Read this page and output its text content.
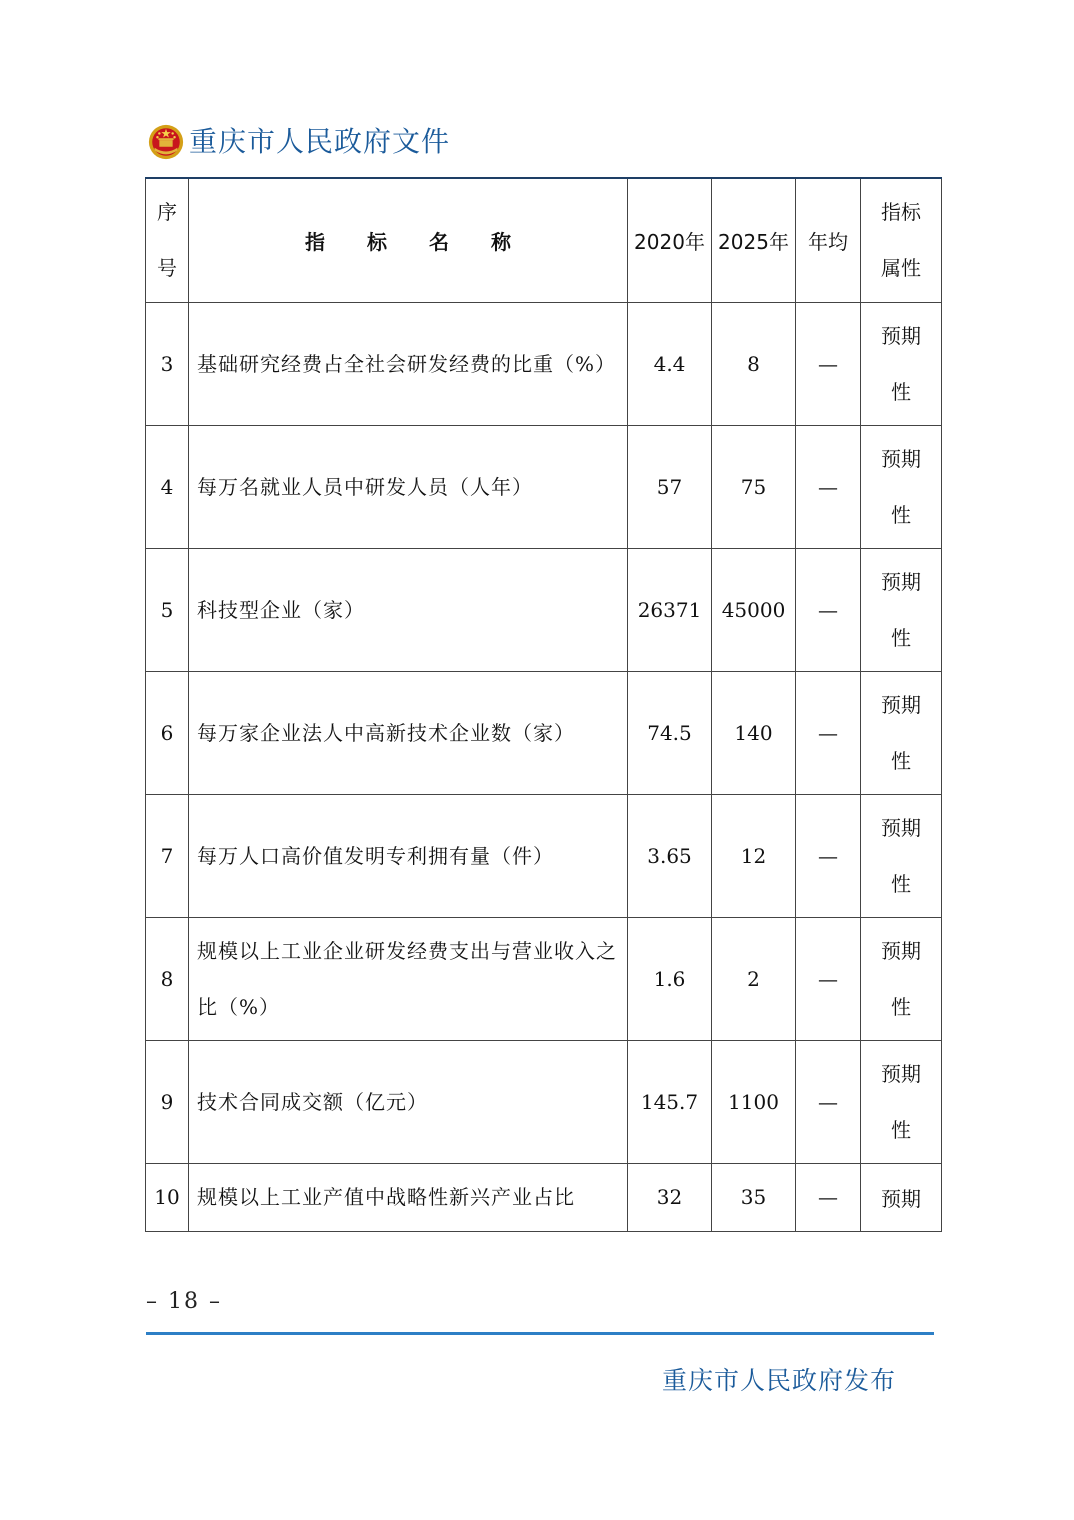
重庆市人民政府文件
序号	指标名称	2020年	2025年	年均	指标属性
3	基础研究经费占全社会研发经费的比重（%）	4.4	8	—	预期性
4	每万名就业人员中研发人员（人年）	57	75	—	预期性
5	科技型企业（家）	26371	45000	—	预期性
6	每万家企业法人中高新技术企业数（家）	74.5	140	—	预期性
7	每万人口高价值发明专利拥有量（件）	3.65	12	—	预期性
8	规模以上工业企业研发经费支出与营业收入之比（%）	1.6	2	—	预期性
9	技术合同成交额（亿元）	145.7	1100	—	预期性
10	规模以上工业产值中战略性新兴产业占比	32	35	—	预期
– 18 –
重庆市人民政府发布
